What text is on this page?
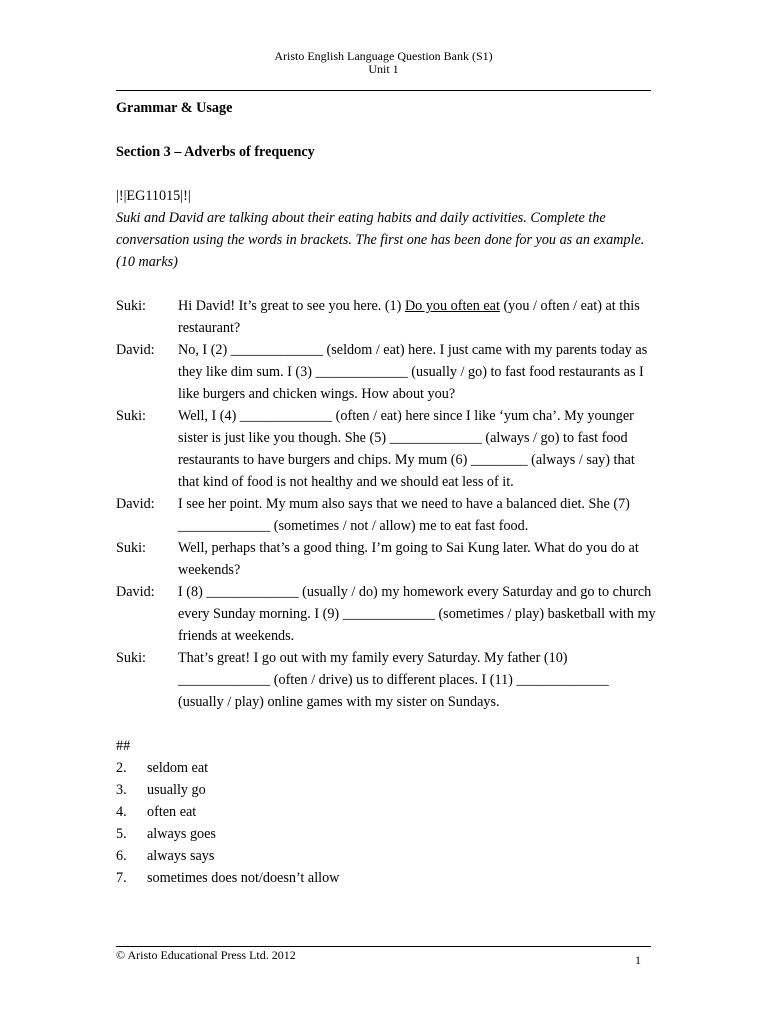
Aristo English Language Question Bank (S1)
Unit 1

Grammar & Usage

Section 3 – Adverbs of frequency

|!|EG11015|!|

Suki and David are talking about their eating habits and daily activities. Complete the conversation using the words in brackets. The first one has been done for you as an example. (10 marks)

Suki:	Hi David! It’s great to see you here. (1) Do you often eat (you / often / eat) at this restaurant?
David:	No, I (2) _____________ (seldom / eat) here. I just came with my parents today as they like dim sum. I (3) _____________ (usually / go) to fast food restaurants as I like burgers and chicken wings. How about you?
Suki:	Well, I (4) _____________ (often / eat) here since I like ‘yum cha’. My younger sister is just like you though. She (5) _____________ (always / go) to fast food restaurants to have burgers and chips. My mum (6) ________ (always / say) that that kind of food is not healthy and we should eat less of it.
David:	I see her point. My mum also says that we need to have a balanced diet. She (7) _____________ (sometimes / not / allow) me to eat fast food.
Suki:	Well, perhaps that’s a good thing. I’m going to Sai Kung later. What do you do at weekends?
David:	I (8) _____________ (usually / do) my homework every Saturday and go to church every Sunday morning. I (9) _____________ (sometimes / play) basketball with my friends at weekends.
Suki:	That’s great! I go out with my family every Saturday. My father (10) _____________ (often / drive) us to different places. I (11) _____________ (usually / play) online games with my sister on Sundays.

##

2.	seldom eat
3.	usually go
4.	often eat
5.	always goes
6.	always says
7.	sometimes does not/doesn’t allow
© Aristo Educational Press Ltd. 2012	1
